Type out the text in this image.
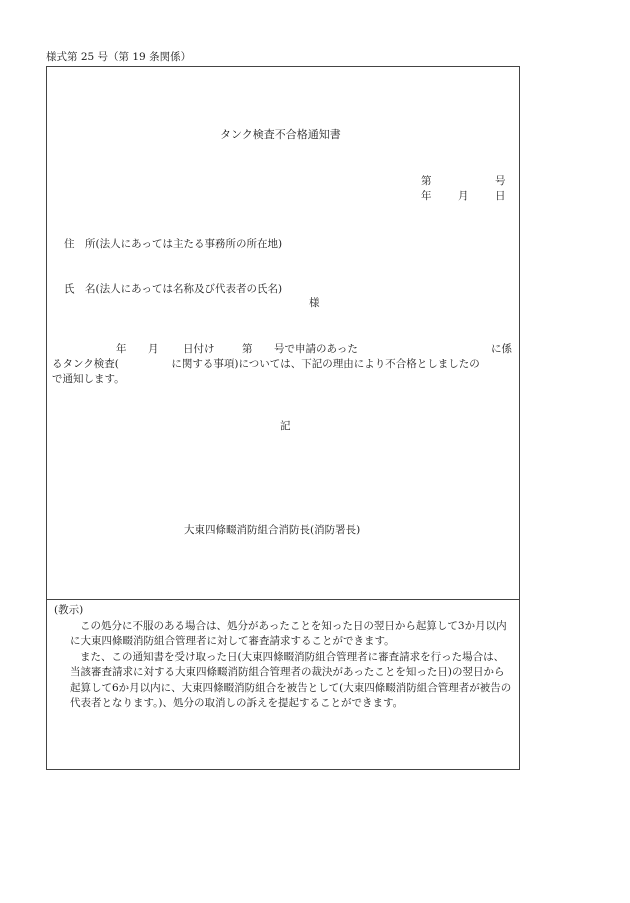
様式第 25 号（第 19 条関係）
タンク検査不合格通知書
第	号
年	月	日
住　所(法人にあっては主たる事務所の所在地)
氏　名(法人にあっては名称及び代表者の氏名)
様
年 月 日付け	第 号で申請のあった	に係
るタンク検査(　　　　　に関する事項)については、下記の理由により不合格としましたの
で通知します。
記
大東四條畷消防組合消防長(消防署長)
(教示)
この処分に不服のある場合は、処分があったことを知った日の翌日から起算して3か月以内に大東四條畷消防組合管理者に対して審査請求することができます。
また、この通知書を受け取った日(大東四條畷消防組合管理者に審査請求を行った場合は、当該審査請求に対する大東四條畷消防組合管理者の裁決があったことを知った日)の翌日から起算して6か月以内に、大東四條畷消防組合を被告として(大東四條畷消防組合管理者が被告の代表者となります。)、処分の取消しの訴えを提起することができます。
